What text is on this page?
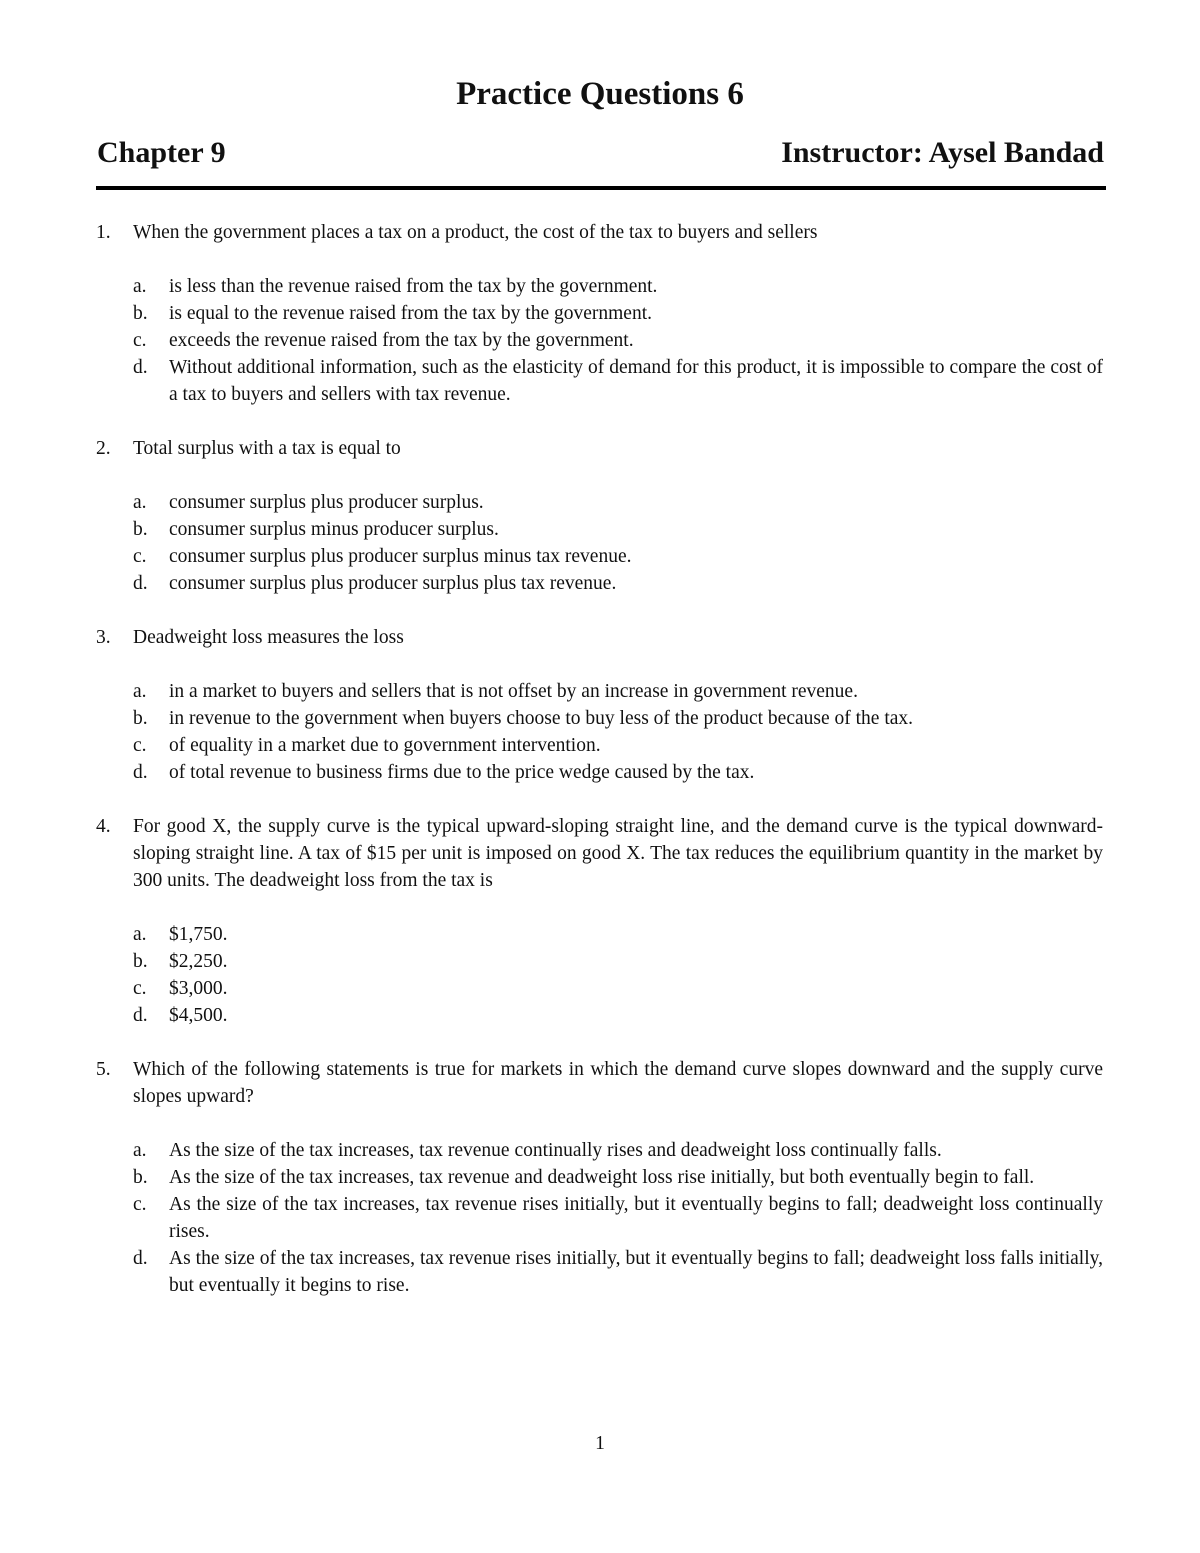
Practice Questions 6
Chapter 9	Instructor: Aysel Bandad
1.	When the government places a tax on a product, the cost of the tax to buyers and sellers
a.	is less than the revenue raised from the tax by the government.
b.	is equal to the revenue raised from the tax by the government.
c.	exceeds the revenue raised from the tax by the government.
d.	Without additional information, such as the elasticity of demand for this product, it is impossible to compare the cost of a tax to buyers and sellers with tax revenue.
2.	Total surplus with a tax is equal to
a.	consumer surplus plus producer surplus.
b.	consumer surplus minus producer surplus.
c.	consumer surplus plus producer surplus minus tax revenue.
d.	consumer surplus plus producer surplus plus tax revenue.
3.	Deadweight loss measures the loss
a.	in a market to buyers and sellers that is not offset by an increase in government revenue.
b.	in revenue to the government when buyers choose to buy less of the product because of the tax.
c.	of equality in a market due to government intervention.
d.	of total revenue to business firms due to the price wedge caused by the tax.
4.	For good X, the supply curve is the typical upward-sloping straight line, and the demand curve is the typical downward-sloping straight line. A tax of $15 per unit is imposed on good X. The tax reduces the equilibrium quantity in the market by 300 units. The deadweight loss from the tax is
a.	$1,750.
b.	$2,250.
c.	$3,000.
d.	$4,500.
5.	Which of the following statements is true for markets in which the demand curve slopes downward and the supply curve slopes upward?
a.	As the size of the tax increases, tax revenue continually rises and deadweight loss continually falls.
b.	As the size of the tax increases, tax revenue and deadweight loss rise initially, but both eventually begin to fall.
c.	As the size of the tax increases, tax revenue rises initially, but it eventually begins to fall; deadweight loss continually rises.
d.	As the size of the tax increases, tax revenue rises initially, but it eventually begins to fall; deadweight loss falls initially, but eventually it begins to rise.
1
